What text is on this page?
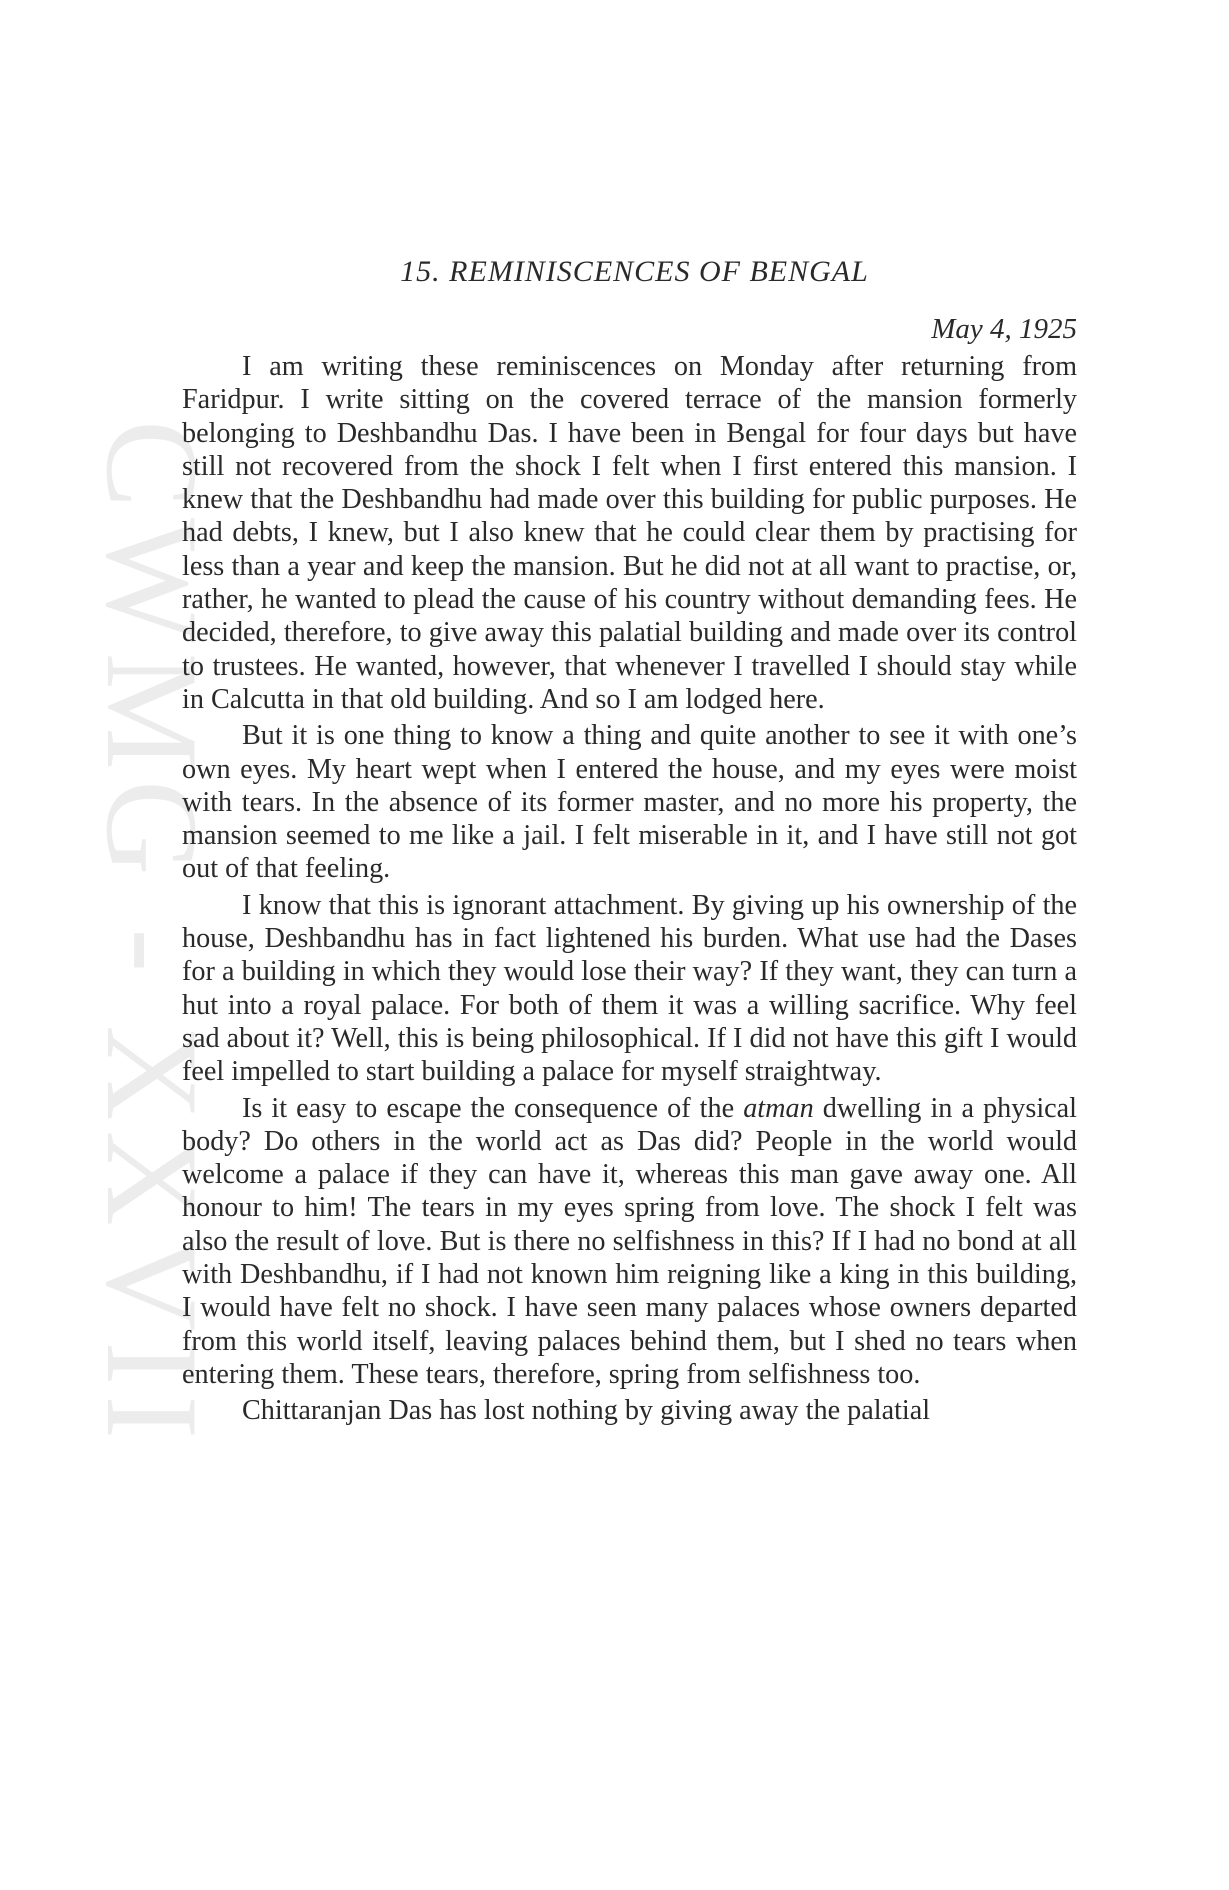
CWMG - XXVII
15. REMINISCENCES OF BENGAL
May 4, 1925

I am writing these reminiscences on Monday after returning from Faridpur. I write sitting on the covered terrace of the mansion formerly belonging to Deshbandhu Das. I have been in Bengal for four days but have still not recovered from the shock I felt when I first entered this mansion. I knew that the Deshbandhu had made over this building for public purposes. He had debts, I knew, but I also knew that he could clear them by practising for less than a year and keep the mansion. But he did not at all want to practise, or, rather, he wanted to plead the cause of his country without demanding fees. He decided, therefore, to give away this palatial building and made over its control to trustees. He wanted, however, that whenever I travelled I should stay while in Calcutta in that old building. And so I am lodged here.

But it is one thing to know a thing and quite another to see it with one’s own eyes. My heart wept when I entered the house, and my eyes were moist with tears. In the absence of its former master, and no more his property, the mansion seemed to me like a jail. I felt miserable in it, and I have still not got out of that feeling.

I know that this is ignorant attachment. By giving up his ownership of the house, Deshbandhu has in fact lightened his burden. What use had the Dases for a building in which they would lose their way? If they want, they can turn a hut into a royal palace. For both of them it was a willing sacrifice. Why feel sad about it? Well, this is being philosophical. If I did not have this gift I would feel impelled to start building a palace for myself straightway.

Is it easy to escape the consequence of the atman dwelling in a physical body? Do others in the world act as Das did? People in the world would welcome a palace if they can have it, whereas this man gave away one. All honour to him! The tears in my eyes spring from love. The shock I felt was also the result of love. But is there no selfishness in this? If I had no bond at all with Deshbandhu, if I had not known him reigning like a king in this building, I would have felt no shock. I have seen many palaces whose owners departed from this world itself, leaving palaces behind them, but I shed no tears when entering them. These tears, therefore, spring from selfishness too.

Chittaranjan Das has lost nothing by giving away the palatial
